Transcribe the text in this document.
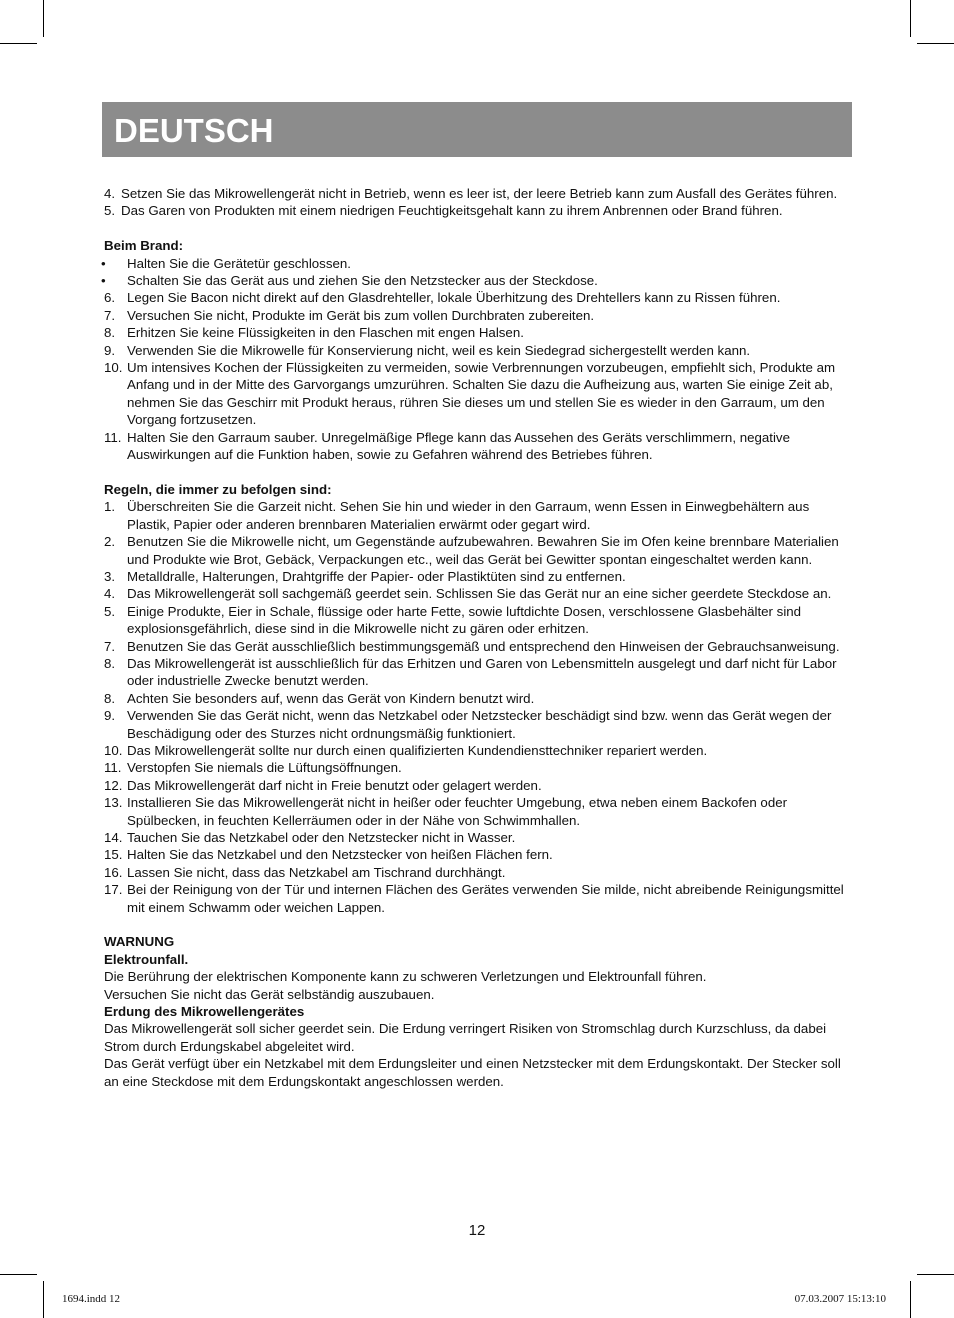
DEUTSCH
4. Setzen Sie das Mikrowellengerät nicht in Betrieb, wenn es leer ist, der leere Betrieb kann zum Ausfall des Gerätes führen.
5. Das Garen von Produkten mit einem niedrigen Feuchtigkeitsgehalt kann zu ihrem Anbrennen oder Brand führen.

Beim Brand:

• Halten Sie die Gerätetür geschlossen.
• Schalten Sie das Gerät aus und ziehen Sie den Netzstecker aus der Steckdose.
6. Legen Sie Bacon nicht direkt auf den Glasdrehteller, lokale Überhitzung des Drehtellers kann zu Rissen führen.
7. Versuchen Sie nicht, Produkte im Gerät bis zum vollen Durchbraten zubereiten.
8. Erhitzen Sie keine Flüssigkeiten in den Flaschen mit engen Halsen.
9. Verwenden Sie die Mikrowelle für Konservierung nicht, weil es kein Siedegrad sichergestellt werden kann.
10. Um intensives Kochen der Flüssigkeiten zu vermeiden, sowie Verbrennungen vorzubeugen, empfiehlt sich, Produkte am Anfang und in der Mitte des Garvorgangs umzurühren. Schalten Sie dazu die Aufheizung aus, warten Sie einige Zeit ab, nehmen Sie das Geschirr mit Produkt heraus, rühren Sie dieses um und stellen Sie es wieder in den Garraum, um den Vorgang fortzusetzen.
11. Halten Sie den Garraum sauber. Unregelmäßige Pflege kann das Aussehen des Geräts verschlimmern, negative Auswirkungen auf die Funktion haben, sowie zu Gefahren während des Betriebes führen.

Regeln, die immer zu befolgen sind:

1. Überschreiten Sie die Garzeit nicht. Sehen Sie hin und wieder in den Garraum, wenn Essen in Einwegbehältern aus Plastik, Papier oder anderen brennbaren Materialien erwärmt oder gegart wird.
2. Benutzen Sie die Mikrowelle nicht, um Gegenstände aufzubewahren. Bewahren Sie im Ofen keine brennbare Materialien und Produkte wie Brot, Gebäck, Verpackungen etc., weil das Gerät bei Gewitter spontan eingeschaltet werden kann.
3. Metalldralle, Halterungen, Drahtgriffe der Papier- oder Plastiktüten sind zu entfernen.
4. Das Mikrowellengerät soll sachgemäß geerdet sein. Schlissen Sie das Gerät nur an eine sicher geerdete Steckdose an.
5. Einige Produkte, Eier in Schale, flüssige oder harte Fette, sowie luftdichte Dosen, verschlossene Glasbehälter sind explosionsgefährlich, diese sind in die Mikrowelle nicht zu gären oder erhitzen.
7. Benutzen Sie das Gerät ausschließlich bestimmungsgemäß und entsprechend den Hinweisen der Gebrauchsanweisung.
8. Das Mikrowellengerät ist ausschließlich für das Erhitzen und Garen von Lebensmitteln ausgelegt und darf nicht für Labor oder industrielle Zwecke benutzt werden.
8. Achten Sie besonders auf, wenn das Gerät von Kindern benutzt wird.
9. Verwenden Sie das Gerät nicht, wenn das Netzkabel oder Netzstecker beschädigt sind bzw. wenn das Gerät wegen der Beschädigung oder des Sturzes nicht ordnungsmäßig funktioniert.
10. Das Mikrowellengerät sollte nur durch einen qualifizierten Kundendiensttechniker repariert werden.
11. Verstopfen Sie niemals die Lüftungsöffnungen.
12. Das Mikrowellengerät darf nicht in Freie benutzt oder gelagert werden.
13. Installieren Sie das Mikrowellengerät nicht in heißer oder feuchter Umgebung, etwa neben einem Backofen oder Spülbecken, in feuchten Kellerräumen oder in der Nähe von Schwimmhallen.
14. Tauchen Sie das Netzkabel oder den Netzstecker nicht in Wasser.
15. Halten Sie das Netzkabel und den Netzstecker von heißen Flächen fern.
16. Lassen Sie nicht, dass das Netzkabel am Tischrand durchhängt.
17. Bei der Reinigung von der Tür und internen Flächen des Gerätes verwenden Sie milde, nicht abreibende Reinigungsmittel mit einem Schwamm oder weichen Lappen.

WARNUNG

Elektrounfall.

Die Berührung der elektrischen Komponente kann zu schweren Verletzungen und Elektrounfall führen.

Versuchen Sie nicht das Gerät selbständig auszubauen.

Erdung des Mikrowellengerätes

Das Mikrowellengerät soll sicher geerdet sein. Die Erdung verringert Risiken von Stromschlag durch Kurzschluss, da dabei Strom durch Erdungskabel abgeleitet wird.

Das Gerät verfügt über ein Netzkabel mit dem Erdungsleiter und einen Netzstecker mit dem Erdungskontakt. Der Stecker soll an eine Steckdose mit dem Erdungskontakt angeschlossen werden.

12
1694.indd 12	07.03.2007 15:13:10
